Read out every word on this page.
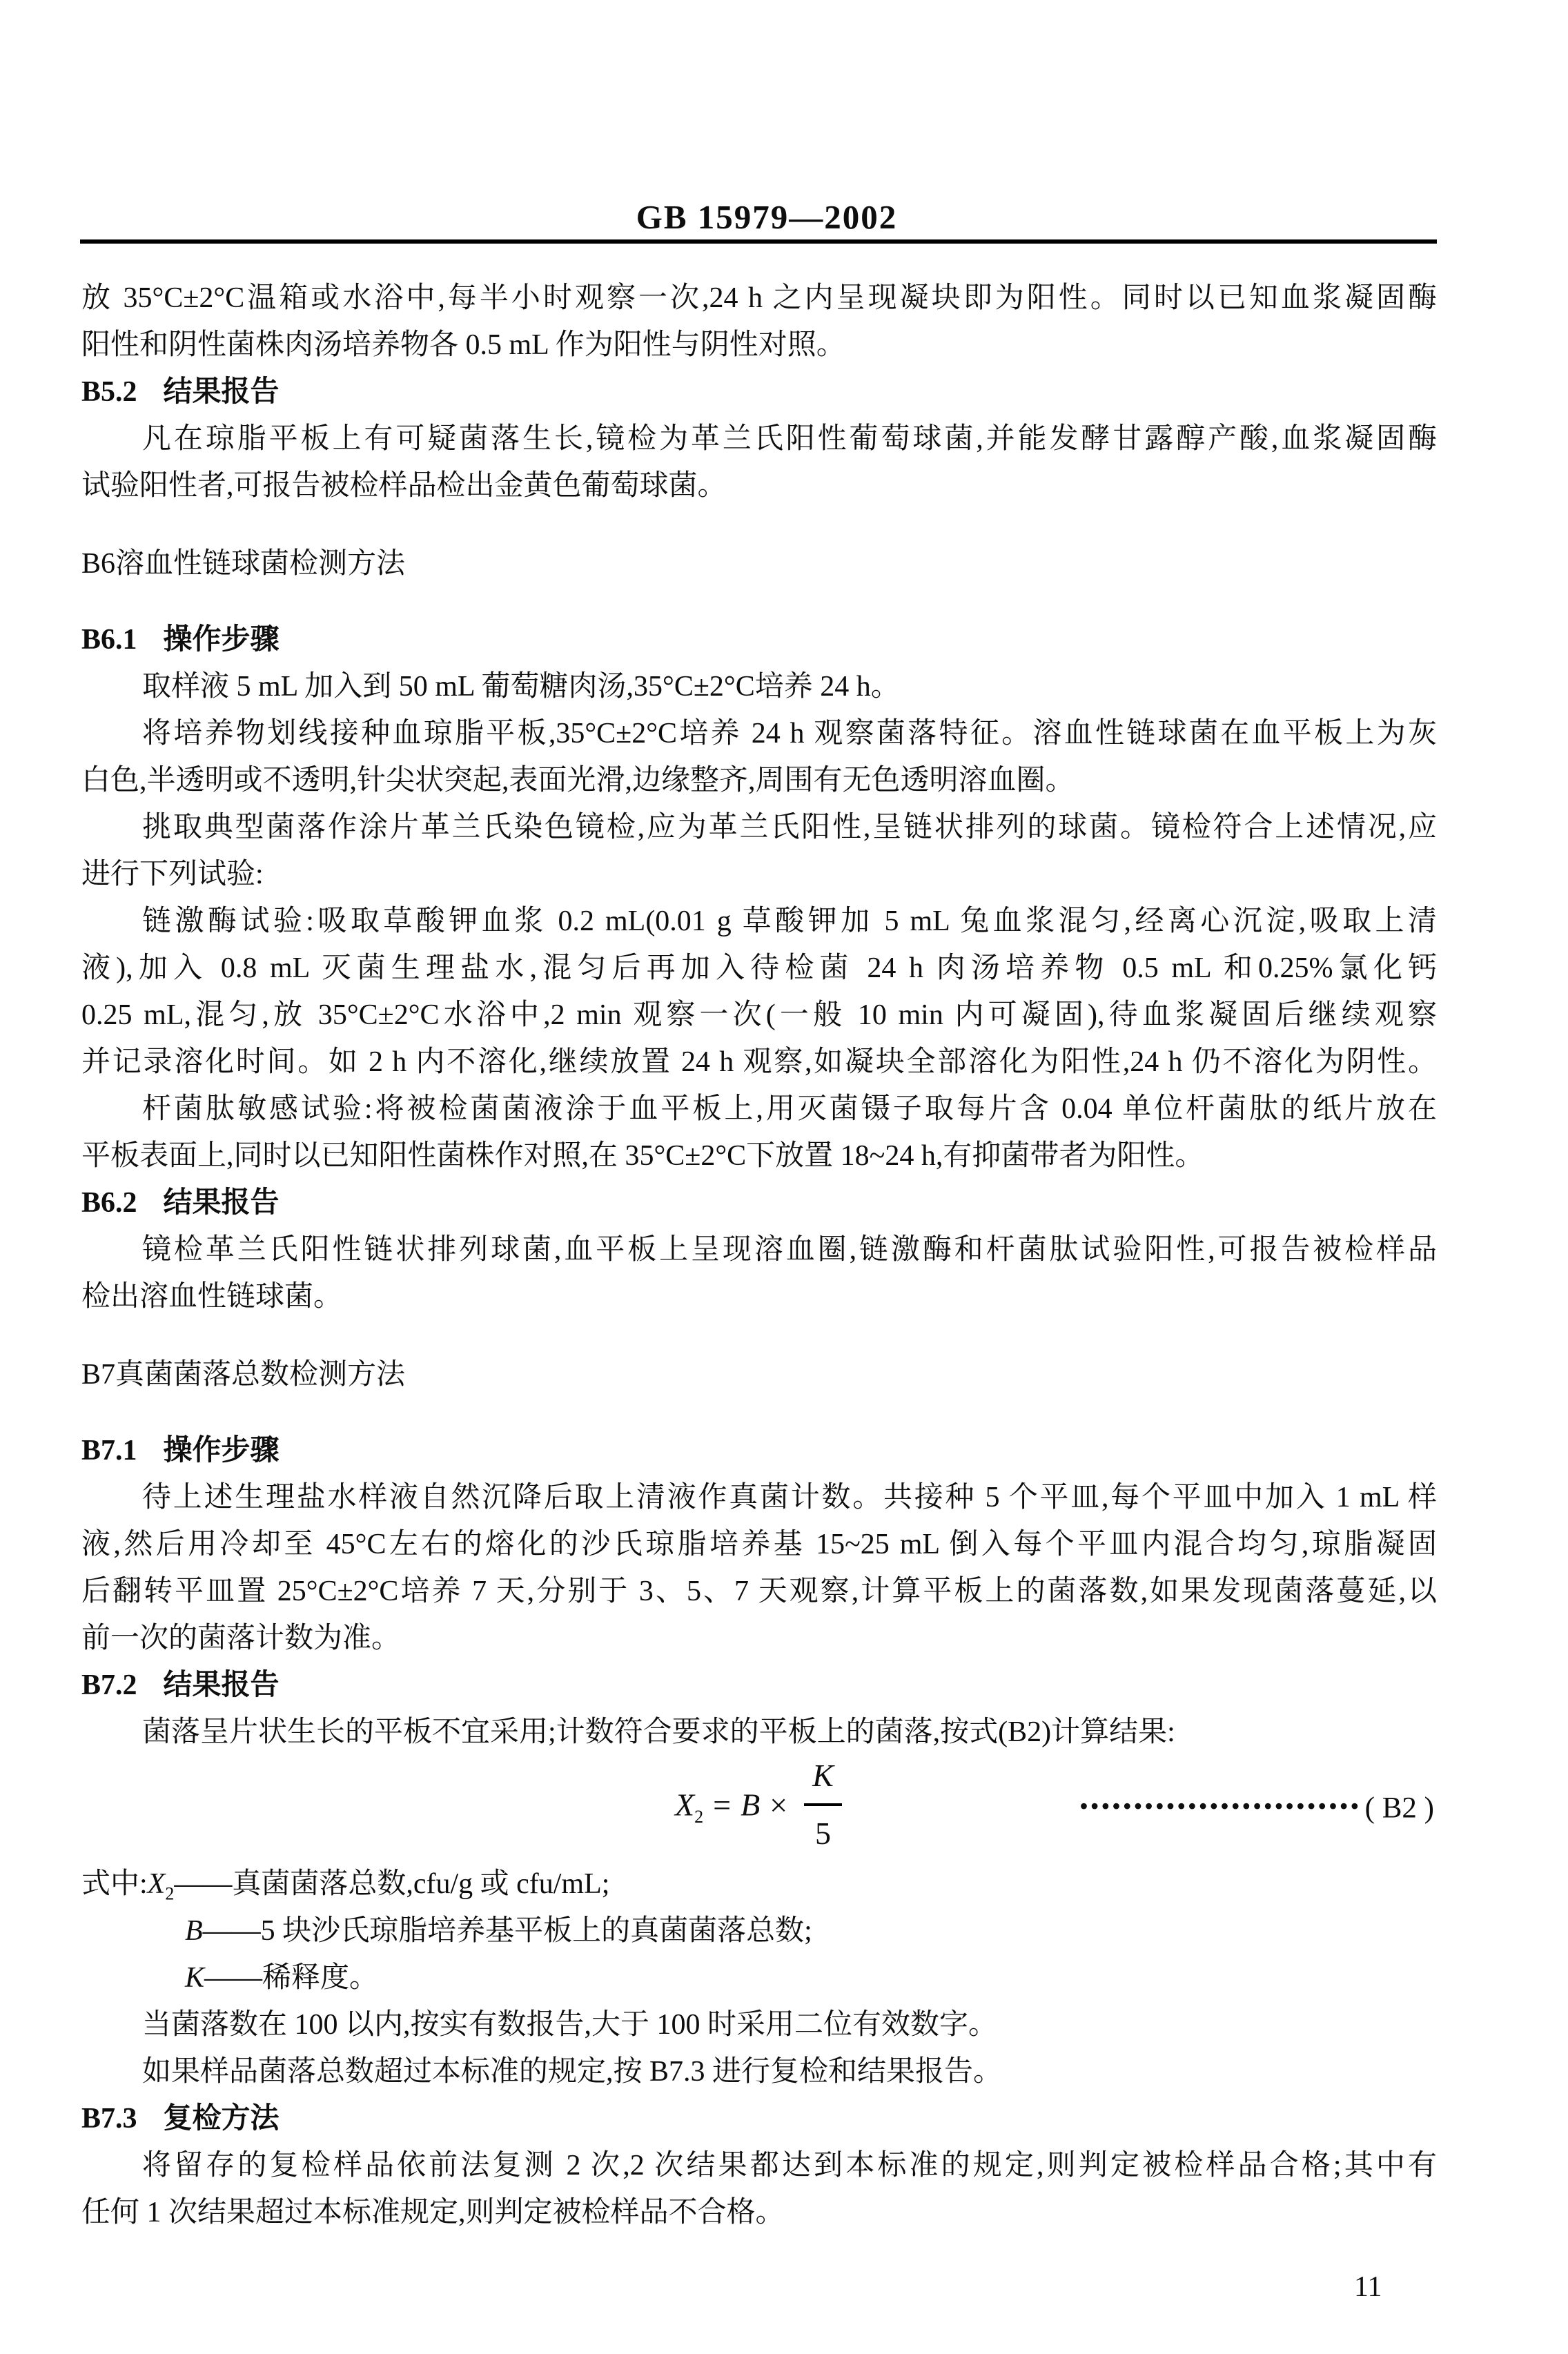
GB 15979—2002
放 35°C±2°C温箱或水浴中,每半小时观察一次,24 h 之内呈现凝块即为阳性。同时以已知血浆凝固酶
阳性和阴性菌株肉汤培养物各 0.5 mL 作为阳性与阴性对照。
B5.2 结果报告
凡在琼脂平板上有可疑菌落生长,镜检为革兰氏阳性葡萄球菌,并能发酵甘露醇产酸,血浆凝固酶
试验阳性者,可报告被检样品检出金黄色葡萄球菌。
B6溶血性链球菌检测方法
B6.1 操作步骤
取样液 5 mL 加入到 50 mL 葡萄糖肉汤,35°C±2°C培养 24 h。
将培养物划线接种血琼脂平板,35°C±2°C培养 24 h 观察菌落特征。溶血性链球菌在血平板上为灰
白色,半透明或不透明,针尖状突起,表面光滑,边缘整齐,周围有无色透明溶血圈。
挑取典型菌落作涂片革兰氏染色镜检,应为革兰氏阳性,呈链状排列的球菌。镜检符合上述情况,应
进行下列试验:
链激酶试验:吸取草酸钾血浆 0.2 mL(0.01 g 草酸钾加 5 mL 兔血浆混匀,经离心沉淀,吸取上清
液),加入 0.8 mL 灭菌生理盐水,混匀后再加入待检菌 24 h 肉汤培养物 0.5 mL 和0.25%氯化钙
0.25 mL,混匀,放 35°C±2°C水浴中,2 min 观察一次(一般 10 min 内可凝固),待血浆凝固后继续观察
并记录溶化时间。如 2 h 内不溶化,继续放置 24 h 观察,如凝块全部溶化为阳性,24 h 仍不溶化为阴性。
杆菌肽敏感试验:将被检菌菌液涂于血平板上,用灭菌镊子取每片含 0.04 单位杆菌肽的纸片放在
平板表面上,同时以已知阳性菌株作对照,在 35°C±2°C下放置 18~24 h,有抑菌带者为阳性。
B6.2 结果报告
镜检革兰氏阳性链状排列球菌,血平板上呈现溶血圈,链激酶和杆菌肽试验阳性,可报告被检样品
检出溶血性链球菌。
B7真菌菌落总数检测方法
B7.1 操作步骤
待上述生理盐水样液自然沉降后取上清液作真菌计数。共接种 5 个平皿,每个平皿中加入 1 mL 样
液,然后用冷却至 45°C左右的熔化的沙氏琼脂培养基 15~25 mL 倒入每个平皿内混合均匀,琼脂凝固
后翻转平皿置 25°C±2°C培养 7 天,分别于 3、5、7 天观察,计算平板上的菌落数,如果发现菌落蔓延,以
前一次的菌落计数为准。
B7.2 结果报告
菌落呈片状生长的平板不宜采用;计数符合要求的平板上的菌落,按式(B2)计算结果:
$X_2 = B \times \frac{K}{5}$	•••••••••••••••••••••••••• ( B2 )
式中$:X_2——$真菌菌落总数,cfu/g 或 cfu/mL;
B——5 块沙氏琼脂培养基平板上的真菌菌落总数;
K——稀释度。
当菌落数在 100 以内,按实有数报告,大于 100 时采用二位有效数字。
如果样品菌落总数超过本标准的规定,按 B7.3 进行复检和结果报告。
B7.3 复检方法
将留存的复检样品依前法复测 2 次,2 次结果都达到本标准的规定,则判定被检样品合格;其中有
任何 1 次结果超过本标准规定,则判定被检样品不合格。
11
